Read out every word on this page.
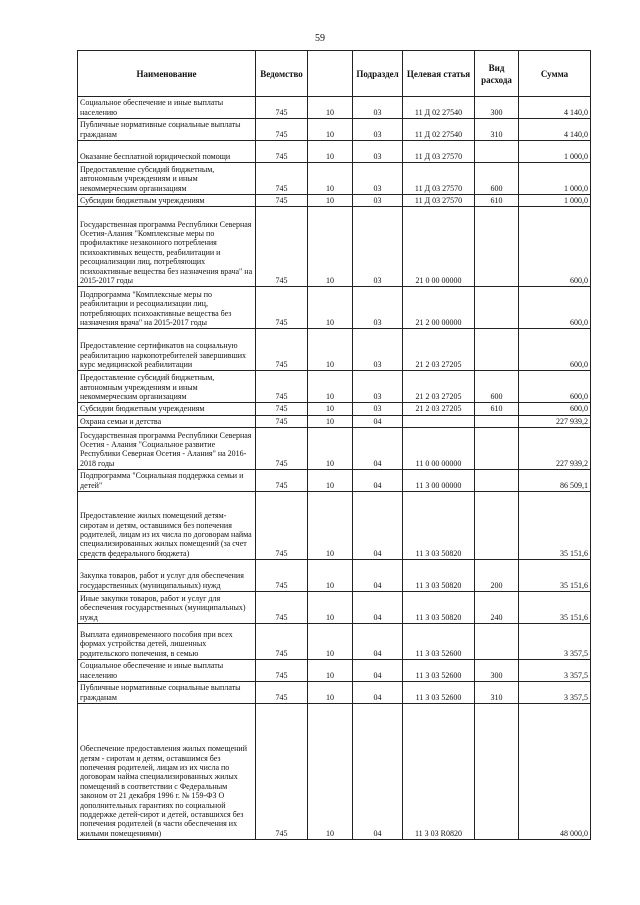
59
Наименование	Ведомство		Подраздел	Целевая статья	Вид расхода	Сумма
Социальное обеспечение и иные выплаты населению	745	10	03	11 Д 02 27540	300	4 140,0
Публичные нормативные социальные выплаты гражданам	745	10	03	11 Д 02 27540	310	4 140,0
Оказание бесплатной юридической помощи	745	10	03	11 Д 03 27570		1 000,0
Предоставление субсидий бюджетным, автономным учреждениям и иным некоммерческим организациям	745	10	03	11 Д 03 27570	600	1 000,0
Субсидии бюджетным учреждениям	745	10	03	11 Д 03 27570	610	1 000,0
Государственная программа Республики Северная Осетия-Алания "Комплексные меры по профилактике незаконного потребления психоактивных веществ, реабилитации и ресоциализации лиц, потребляющих психоактивные вещества без назначения врача" на 2015-2017 годы	745	10	03	21 0 00 00000		600,0
Подпрограмма "Комплексные меры по реабилитации и ресоциализации лиц, потребляющих психоактивные вещества без назначения врача" на 2015-2017 годы	745	10	03	21 2 00 00000		600,0
Предоставление сертификатов на социальную реабилитацию наркопотребителей завершивших курс медицинской реабилитации	745	10	03	21 2 03 27205		600,0
Предоставление субсидий бюджетным, автономным учреждениям и иным некоммерческим организациям	745	10	03	21 2 03 27205	600	600,0
Субсидии бюджетным учреждениям	745	10	03	21 2 03 27205	610	600,0
Охрана семьи и детства	745	10	04			227 939,2
Государственная программа Республики Северная Осетия - Алания "Социальное развитие Республики Северная Осетия - Алания" на 2016-2018 годы	745	10	04	11 0 00 00000		227 939,2
Подпрограмма "Социальная поддержка семьи и детей"	745	10	04	11 3 00 00000		86 509,1
Предоставление жилых помещений детям-сиротам и детям, оставшимся без попечения родителей, лицам из их числа по договорам найма специализированных жилых помещений (за счет средств федерального бюджета)	745	10	04	11 3 03 50820		35 151,6
Закупка товаров, работ и услуг для обеспечения государственных (муниципальных) нужд	745	10	04	11 3 03 50820	200	35 151,6
Иные закупки товаров, работ и услуг для обеспечения государственных (муниципальных) нужд	745	10	04	11 3 03 50820	240	35 151,6
Выплата единовременного пособия при всех формах устройства детей, лишенных родительского попечения, в семью	745	10	04	11 3 03 52600		3 357,5
Социальное обеспечение и иные выплаты населению	745	10	04	11 3 03 52600	300	3 357,5
Публичные нормативные социальные выплаты гражданам	745	10	04	11 3 03 52600	310	3 357,5
Обеспечение предоставления жилых помещений детям - сиротам и детям, оставшимся без попечения родителей, лицам из их числа по договорам найма специализированных жилых помещений в соответствии с Федеральным законом от 21 декабря 1996 г. № 159-ФЗ О дополнительных гарантиях по социальной поддержке детей-сирот и детей, оставшихся без попечения родителей (в части обеспечения их жилыми помещениями)	745	10	04	11 3 03 R0820		48 000,0
